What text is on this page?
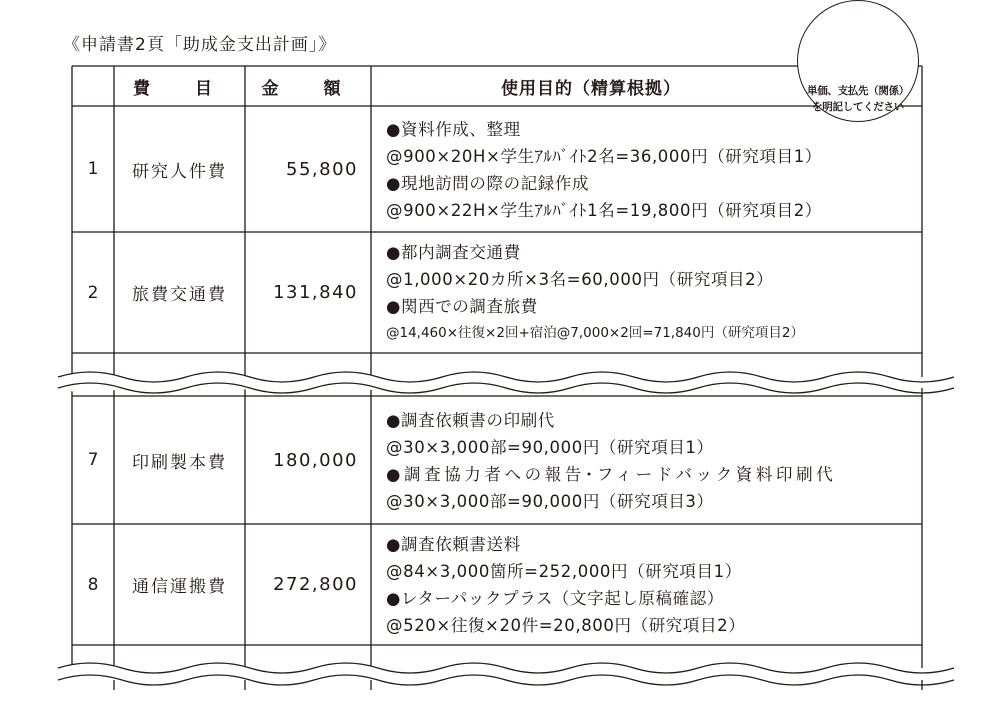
《申請書2頁「助成金支出計画」》
単価、支払先（関係）
を明記してください
費　目	金　額	使用目的（精算根拠）
1	研究人件費	55,800
●資料作成、整理
@900×20H×学生ｱﾙﾊﾞｲﾄ2名=36,000円（研究項目1）
●現地訪問の際の記録作成
@900×22H×学生ｱﾙﾊﾞｲﾄ1名=19,800円（研究項目2）
2	旅費交通費	131,840
●都内調査交通費
@1,000×20カ所×3名=60,000円（研究項目2）
●関西での調査旅費
@14,460×往復×2回+宿泊@7,000×2回=71,840円（研究項目2）
7	印刷製本費	180,000
●調査依頼書の印刷代
@30×3,000部=90,000円（研究項目1）
●調査協力者への報告･フィードバック資料印刷代
@30×3,000部=90,000円（研究項目3）
8	通信運搬費	272,800
●調査依頼書送料
@84×3,000箇所=252,000円（研究項目1）
●レターパックプラス（文字起し原稿確認）
@520×往復×20件=20,800円（研究項目2）
